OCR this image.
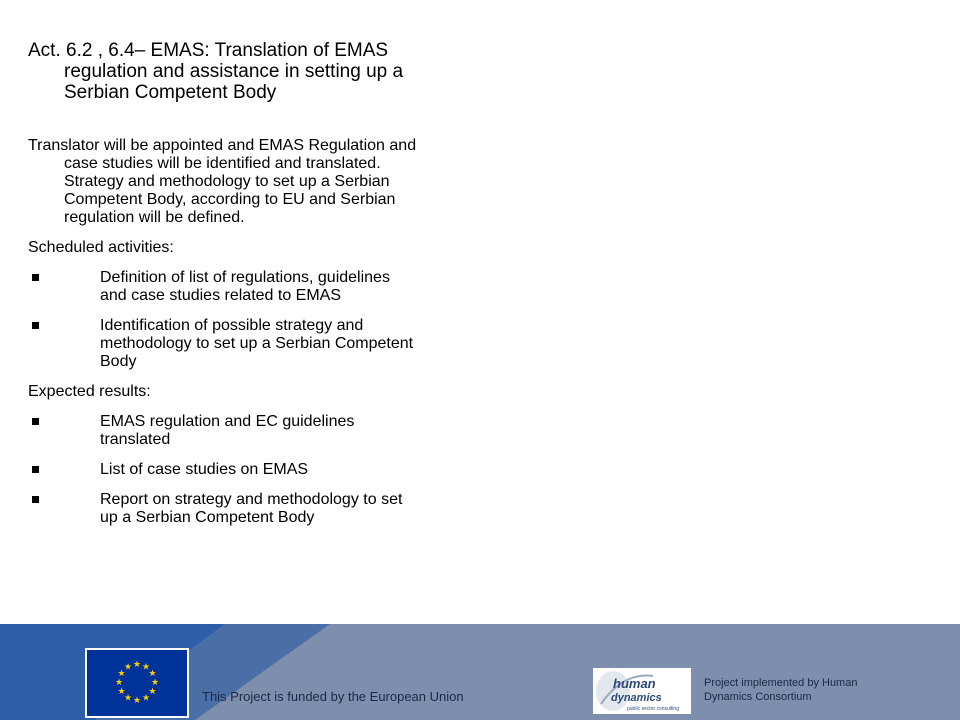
Act. 6.2 , 6.4– EMAS: Translation of EMAS regulation and assistance in setting up a Serbian Competent Body

Translator will be appointed and EMAS Regulation and case studies will be identified and translated. Strategy and methodology to set up a Serbian Competent Body, according to EU and Serbian regulation will be defined.

Scheduled activities:

Definition of list of regulations, guidelines and case studies related to EMAS
Identification of possible strategy and methodology to set up a Serbian Competent Body

Expected results:

EMAS regulation and EC guidelines translated
List of case studies on EMAS
Report on strategy and methodology to set up a Serbian Competent Body
★ ★
★
★
★
★
★
★
★
★
★
★
This Project is funded by the European Union
human
dynamics
public sector consulting
Project implemented by Human Dynamics Consortium
